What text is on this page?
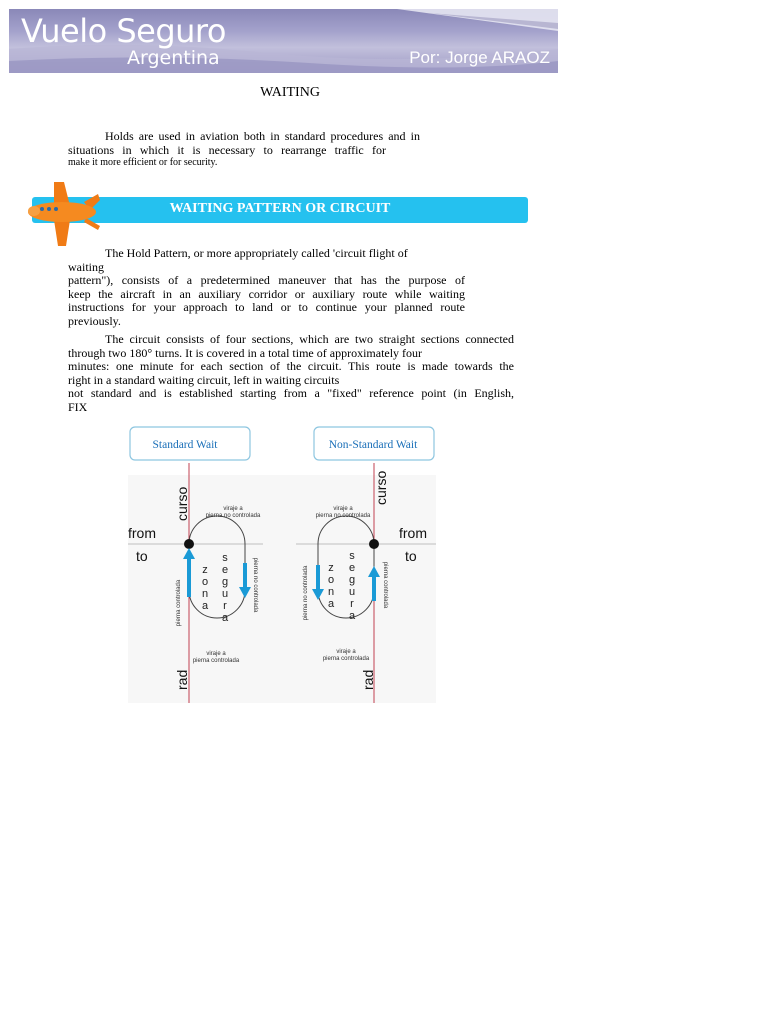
Vuelo Seguro
Argentina	Por: Jorge ARAOZ
WAITING
Holds are used in aviation both in standard procedures and in
situations in which it is necessary to rearrange traffic for
make it more efficient or for security.
WAITING PATTERN OR CIRCUIT
The Hold Pattern, or more appropriately called 'circuit flight of
waiting
pattern"), consists of a predetermined maneuver that has the purpose of
keep the aircraft in an auxiliary corridor or auxiliary route while waiting
instructions for your approach to land or to continue your planned route
previously.
The circuit consists of four sections, which are two straight sections connected
through two 180° turns. It is covered in a total time of approximately four
minutes: one minute for each section of the circuit. This route is made towards the
right in a standard waiting circuit, left in waiting circuits
not standard and is established starting from a "fixed" reference point (in English,
FIX
Standard Wait	Non-Standard Wait
curso
rad
from
to
viraje a
pierna no controlada
viraje a
pierna controlada
pierna controlada	pierna no controlada
z
o
n
a
s
e
g
u
r
a
curso
rad
from
to
viraje a
pierna no controlada
viraje a
pierna controlada
pierna controlada
pierna no controlada z
o
n
a
s
e
g
u
r
a
